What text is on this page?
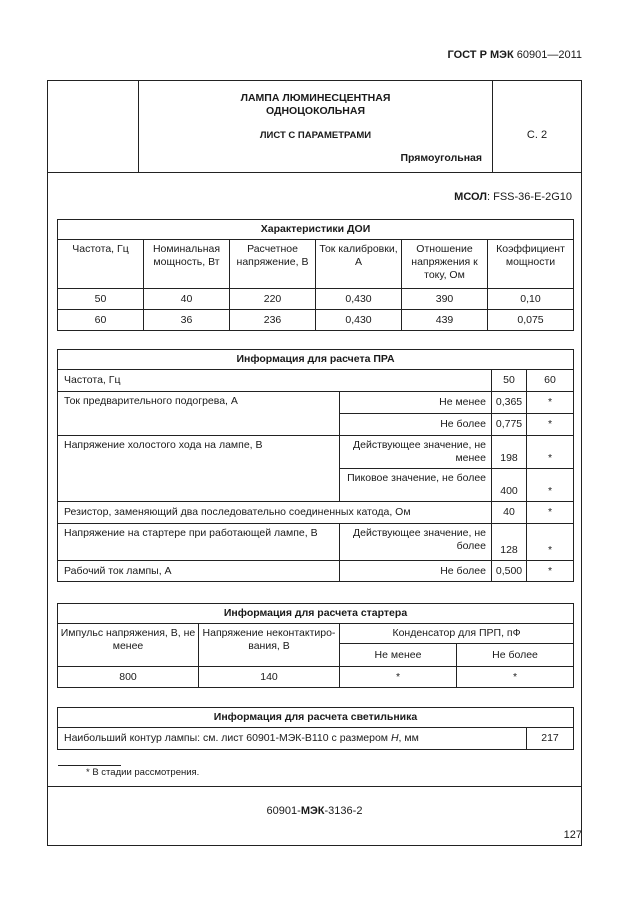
ГОСТ Р МЭК 60901—2011
ЛАМПА ЛЮМИНЕСЦЕНТНАЯ
ОДНОЦОКОЛЬНАЯ
ЛИСТ С ПАРАМЕТРАМИ
Прямоугольная
С. 2
МСОЛ: FSS-36-E-2G10
Характеристики ДОИ					
Частота, Гц	Номинальная мощность, Вт	Расчетное напряжение, В	Ток калибровки, А	Отношение напряжения к току, Ом	Коэффициент мощности
50	40	220	0,430	390	0,10
60	36	236	0,430	439	0,075
Информация для расчета ПРА			
Частота, Гц		50	60
Ток предварительного подогрева, А	Не менее	0,365	*
	Не более	0,775	*
Напряжение холостого хода на лампе, В	Действующее значение, не менее	198	*
	Пиковое значение, не более	400	*
Резистор, заменяющий два последовательно соединенных катода, Ом		40	*
Напряжение на стартере при работающей лампе, В	Действующее значение, не более	128	*
Рабочий ток лампы, А	Не более	0,500	*
Информация для расчета стартера			
Импульс напряжения, В, не менее	Напряжение неконтактиро-вания, В	Конденсатор для ПРП, пФ	
		Не менее	Не более
800	140	*	*
Информация для расчета светильника
Наибольший контур лампы: см. лист 60901-МЭК-В110 с размером H, мм	217
* В стадии рассмотрения.
60901-МЭК-3136-2
127
